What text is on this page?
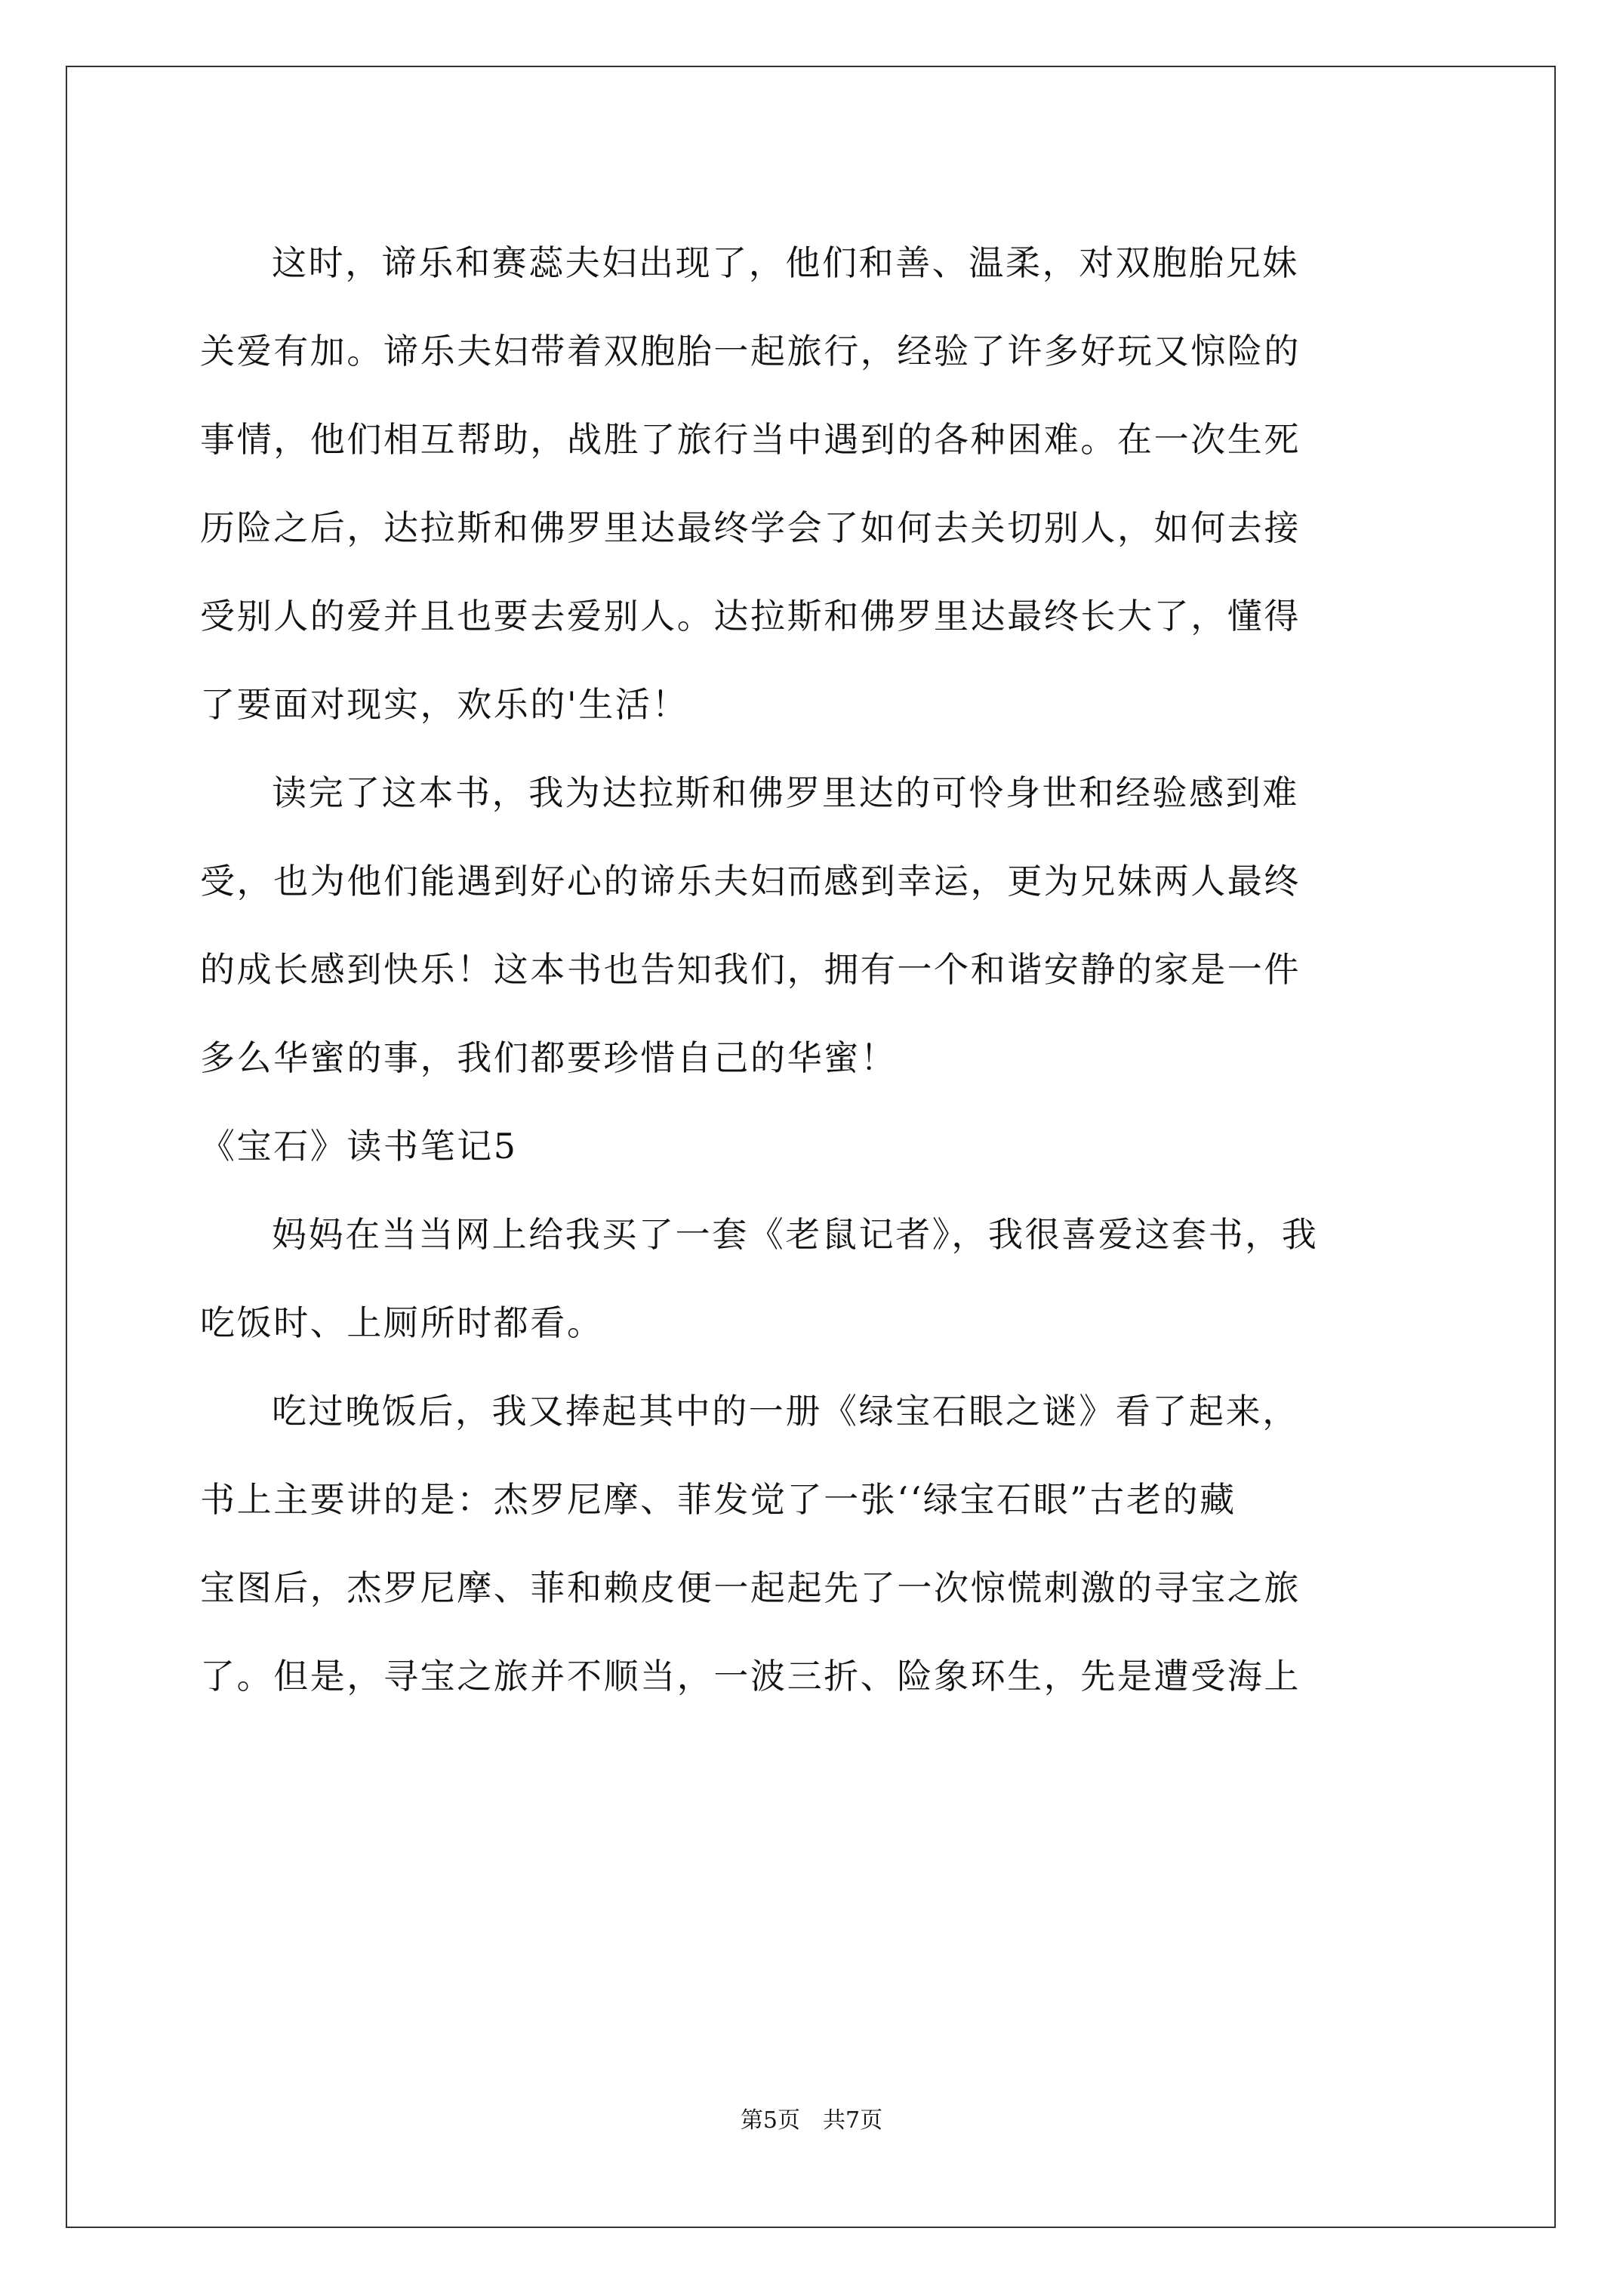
这时，谛乐和赛蕊夫妇出现了，他们和善、温柔，对双胞胎兄妹
关爱有加。谛乐夫妇带着双胞胎一起旅行，经验了许多好玩又惊险的
事情，他们相互帮助，战胜了旅行当中遇到的各种困难。在一次生死
历险之后，达拉斯和佛罗里达最终学会了如何去关切别人，如何去接
受别人的爱并且也要去爱别人。达拉斯和佛罗里达最终长大了，懂得
了要面对现实，欢乐的'生活！
读完了这本书，我为达拉斯和佛罗里达的可怜身世和经验感到难
受，也为他们能遇到好心的谛乐夫妇而感到幸运，更为兄妹两人最终
的成长感到快乐！这本书也告知我们，拥有一个和谐安静的家是一件
多么华蜜的事，我们都要珍惜自己的华蜜！
《宝石》读书笔记5
妈妈在当当网上给我买了一套《老鼠记者》，我很喜爱这套书，我
吃饭时、上厕所时都看。
吃过晚饭后，我又捧起其中的一册《绿宝石眼之谜》看了起来，
书上主要讲的是：杰罗尼摩、菲发觉了一张‘‘绿宝石眼”古老的藏
宝图后，杰罗尼摩、菲和赖皮便一起起先了一次惊慌刺激的寻宝之旅
了。但是，寻宝之旅并不顺当，一波三折、险象环生，先是遭受海上
第5页　共7页
